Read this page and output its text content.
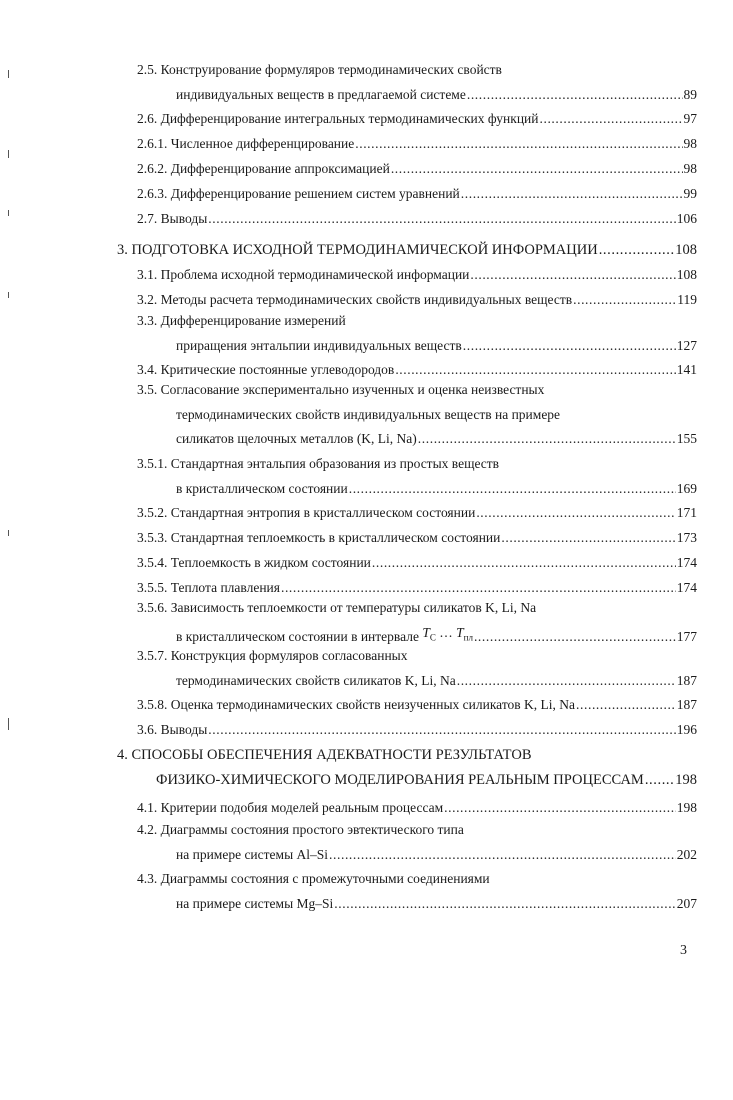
2.5. Конструирование формуляров термодинамических свойств
индивидуальных веществ в предлагаемой системе .....	89
2.6. Дифференцирование интегральных термодинамических функций .....	97
2.6.1. Численное дифференцирование .....	98
2.6.2. Дифференцирование аппроксимацией .....	98
2.6.3. Дифференцирование решением систем уравнений .....	99
2.7. Выводы .....	106
3. ПОДГОТОВКА ИСХОДНОЙ ТЕРМОДИНАМИЧЕСКОЙ ИНФОРМАЦИИ .....	108
3.1. Проблема исходной термодинамической информации .....	108
3.2. Методы расчета термодинамических свойств индивидуальных веществ .....	119
3.3. Дифференцирование измерений
приращения энтальпии индивидуальных веществ .....	127
3.4. Критические постоянные углеводородов .....	141
3.5. Согласование экспериментально изученных и оценка неизвестных
термодинамических свойств индивидуальных веществ на примере
силикатов щелочных металлов (K, Li, Na) .....	155
3.5.1. Стандартная энтальпия образования из простых веществ
в кристаллическом состоянии .....	169
3.5.2. Стандартная энтропия в кристаллическом состоянии .....	171
3.5.3. Стандартная теплоемкость в кристаллическом состоянии .....	173
3.5.4. Теплоемкость в жидком состоянии .....	174
3.5.5. Теплота плавления .....	174
3.5.6. Зависимость теплоемкости от температуры силикатов K, Li, Na
в кристаллическом состоянии в интервале
$T_C$ … $T_{пл}$ .....	177
3.5.7. Конструкция формуляров согласованных
термодинамических свойств силикатов K, Li, Na .....	187
3.5.8. Оценка термодинамических свойств неизученных силикатов K, Li, Na .....	187
3.6. Выводы .....	196
4. СПОСОБЫ ОБЕСПЕЧЕНИЯ АДЕКВАТНОСТИ РЕЗУЛЬТАТОВ
ФИЗИКО-ХИМИЧЕСКОГО МОДЕЛИРОВАНИЯ РЕАЛЬНЫМ ПРОЦЕССАМ ..... 198
4.1. Критерии подобия моделей реальным процессам .....	198
4.2. Диаграммы состояния простого эвтектического типа
на примере системы Al–Si .....	202
4.3. Диаграммы состояния с промежуточными соединениями
на примере системы Mg–Si .....	207
3
